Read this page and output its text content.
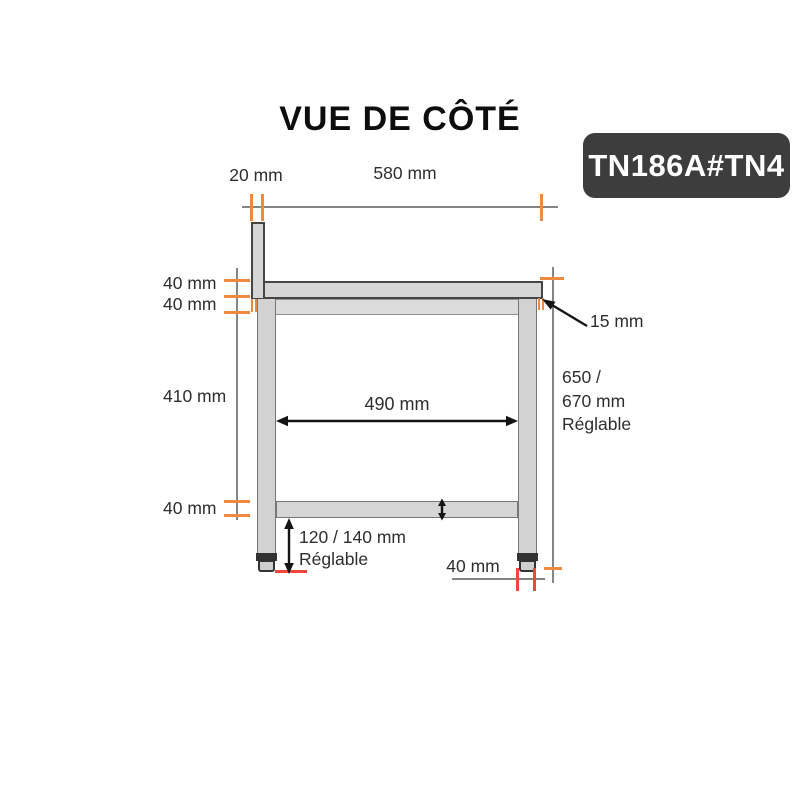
VUE DE CÔTÉ
TN186A#TN4
20 mm	580 mm
40 mm
40 mm
410 mm
40 mm
490 mm
15 mm
650 /
670 mm
Réglable
120 / 140 mm
Réglable	40 mm
